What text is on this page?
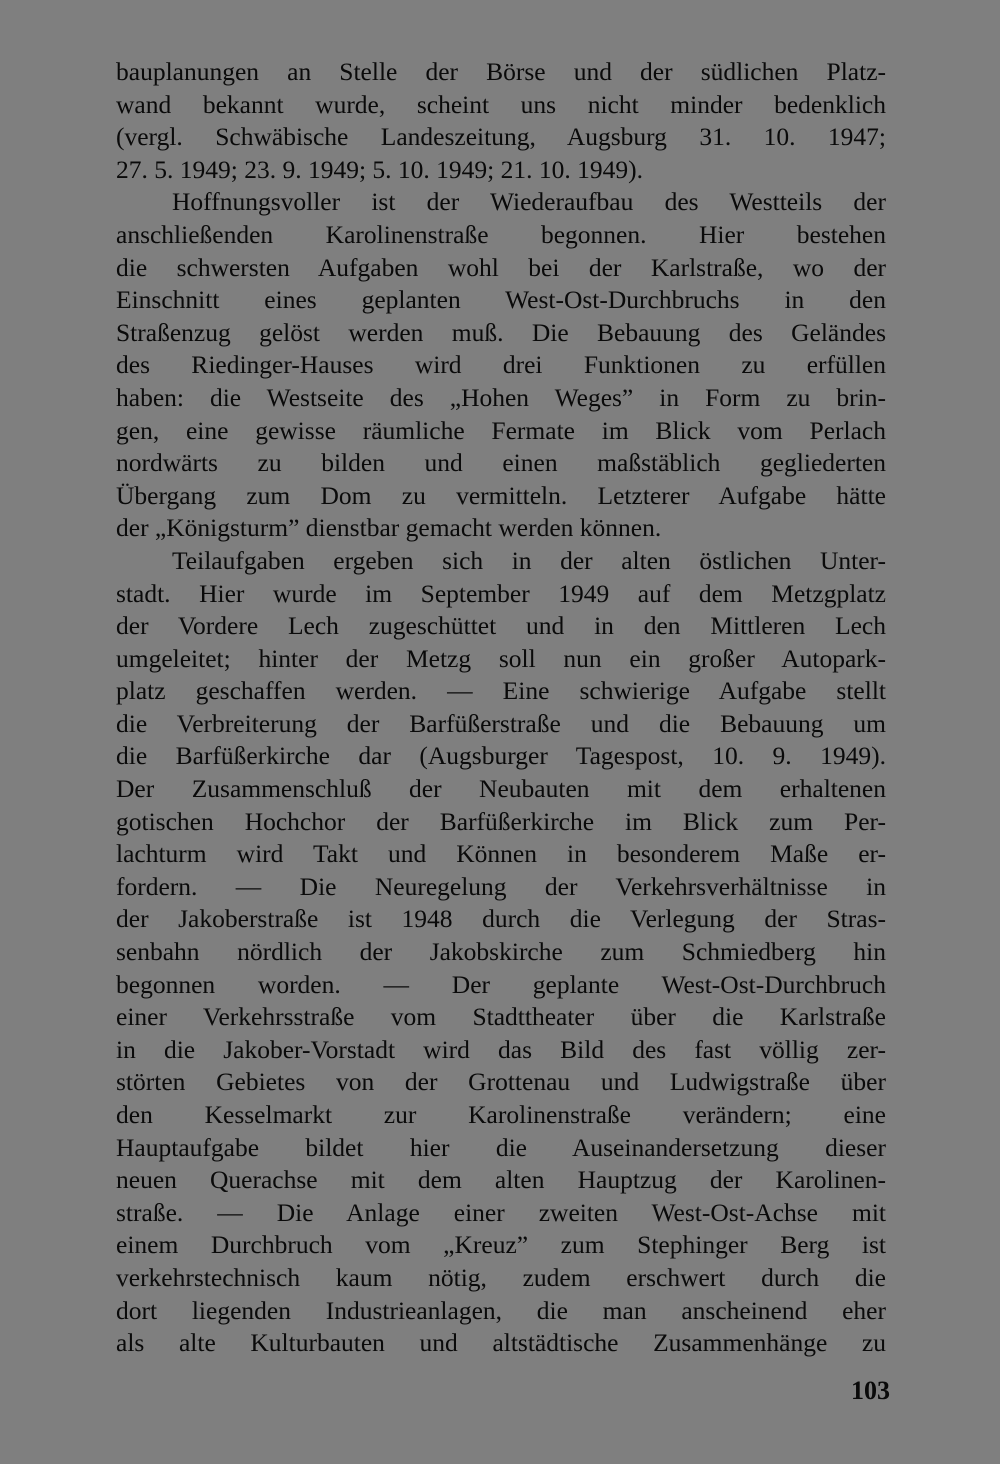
bauplanungen an Stelle der Börse und der südlichen Platz-
wand bekannt wurde, scheint uns nicht minder bedenklich
(vergl. Schwäbische Landeszeitung, Augsburg 31. 10. 1947;
27. 5. 1949; 23. 9. 1949; 5. 10. 1949; 21. 10. 1949).
Hoffnungsvoller ist der Wiederaufbau des Westteils der
anschließenden Karolinenstraße begonnen. Hier bestehen
die schwersten Aufgaben wohl bei der Karlstraße, wo der
Einschnitt eines geplanten West-Ost-Durchbruchs in den
Straßenzug gelöst werden muß. Die Bebauung des Geländes
des Riedinger-Hauses wird drei Funktionen zu erfüllen
haben: die Westseite des „Hohen Weges” in Form zu brin-
gen, eine gewisse räumliche Fermate im Blick vom Perlach
nordwärts zu bilden und einen maßstäblich gegliederten
Übergang zum Dom zu vermitteln. Letzterer Aufgabe hätte
der „Königsturm” dienstbar gemacht werden können.
Teilaufgaben ergeben sich in der alten östlichen Unter-
stadt. Hier wurde im September 1949 auf dem Metzgplatz
der Vordere Lech zugeschüttet und in den Mittleren Lech
umgeleitet; hinter der Metzg soll nun ein großer Autopark-
platz geschaffen werden. — Eine schwierige Aufgabe stellt
die Verbreiterung der Barfüßerstraße und die Bebauung um
die Barfüßerkirche dar (Augsburger Tagespost, 10. 9. 1949).
Der Zusammenschluß der Neubauten mit dem erhaltenen
gotischen Hochchor der Barfüßerkirche im Blick zum Per-
lachturm wird Takt und Können in besonderem Maße er-
fordern. — Die Neuregelung der Verkehrsverhältnisse in
der Jakoberstraße ist 1948 durch die Verlegung der Stras-
senbahn nördlich der Jakobskirche zum Schmiedberg hin
begonnen worden. — Der geplante West-Ost-Durchbruch
einer Verkehrsstraße vom Stadttheater über die Karlstraße
in die Jakober-Vorstadt wird das Bild des fast völlig zer-
störten Gebietes von der Grottenau und Ludwigstraße über
den Kesselmarkt zur Karolinenstraße verändern; eine
Hauptaufgabe bildet hier die Auseinandersetzung dieser
neuen Querachse mit dem alten Hauptzug der Karolinen-
straße. — Die Anlage einer zweiten West-Ost-Achse mit
einem Durchbruch vom „Kreuz” zum Stephinger Berg ist
verkehrstechnisch kaum nötig, zudem erschwert durch die
dort liegenden Industrieanlagen, die man anscheinend eher
als alte Kulturbauten und altstädtische Zusammenhänge zu
103
